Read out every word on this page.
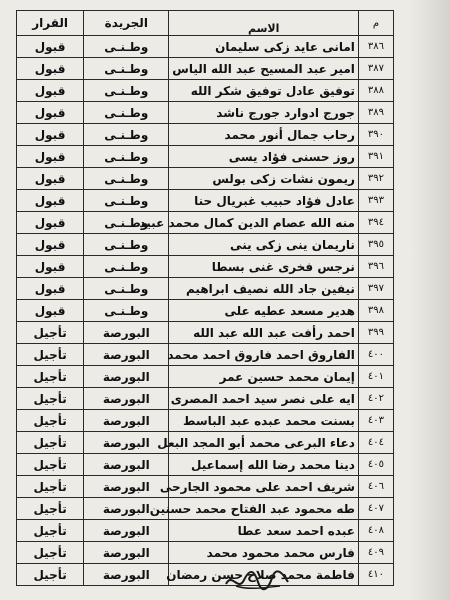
م	الاسم	الجريدة	القرار
٣٨٦	امانى عايد زكى سليمان	وطـنـى	قبول
٣٨٧	امير عبد المسيح عبد الله الياس	وطـنـى	قبول
٣٨٨	توفيق عادل توفيق شكر الله	وطـنـى	قبول
٣٨٩	جورج ادوارد جورج ناشد	وطـنـى	قبول
٣٩٠	رحاب جمال أنور محمد	وطـنـى	قبول
٣٩١	روز حسنى فؤاد يسى	وطـنـى	قبول
٣٩٢	ريمون نشات زكى بولس	وطـنـى	قبول
٣٩٣	عادل فؤاد حبيب غبريال حنا	وطـنـى	قبول
٣٩٤	منه الله عصام الدين كمال محمد عبيد	وطـنـى	قبول
٣٩٥	ناريمان ينى زكى ينى	وطـنـى	قبول
٣٩٦	نرجس فخرى غنى بسطا	وطـنـى	قبول
٣٩٧	نيفين جاد الله نصيف ابراهيم	وطـنـى	قبول
٣٩٨	هدير مسعد عطيه على	وطـنـى	قبول
٣٩٩	احمد رأفت عبد الله عبد الله	البورصة	تأجيل
٤٠٠	الفاروق احمد فاروق احمد محمد	البورصة	تأجيل
٤٠١	إيمان محمد حسين عمر	البورصة	تأجيل
٤٠٢	ايه على نصر سيد احمد المصرى	البورصة	تأجيل
٤٠٣	بسنت محمد عبده عبد الباسط	البورصة	تأجيل
٤٠٤	دعاء البرعى محمد أبو المجد البعل	البورصة	تأجيل
٤٠٥	دينا محمد رضا الله إسماعيل	البورصة	تأجيل
٤٠٦	شريف احمد على محمود الجارحى	البورصة	تأجيل
٤٠٧	طه محمود عبد الفتاح محمد حسنين	البورصة	تأجيل
٤٠٨	عبده احمد سعد عطا	البورصة	تأجيل
٤٠٩	فارس محمد محمود محمد	البورصة	تأجيل
٤١٠	فاطمة محمد صلاح حسن رمضان	البورصة	تأجيل
